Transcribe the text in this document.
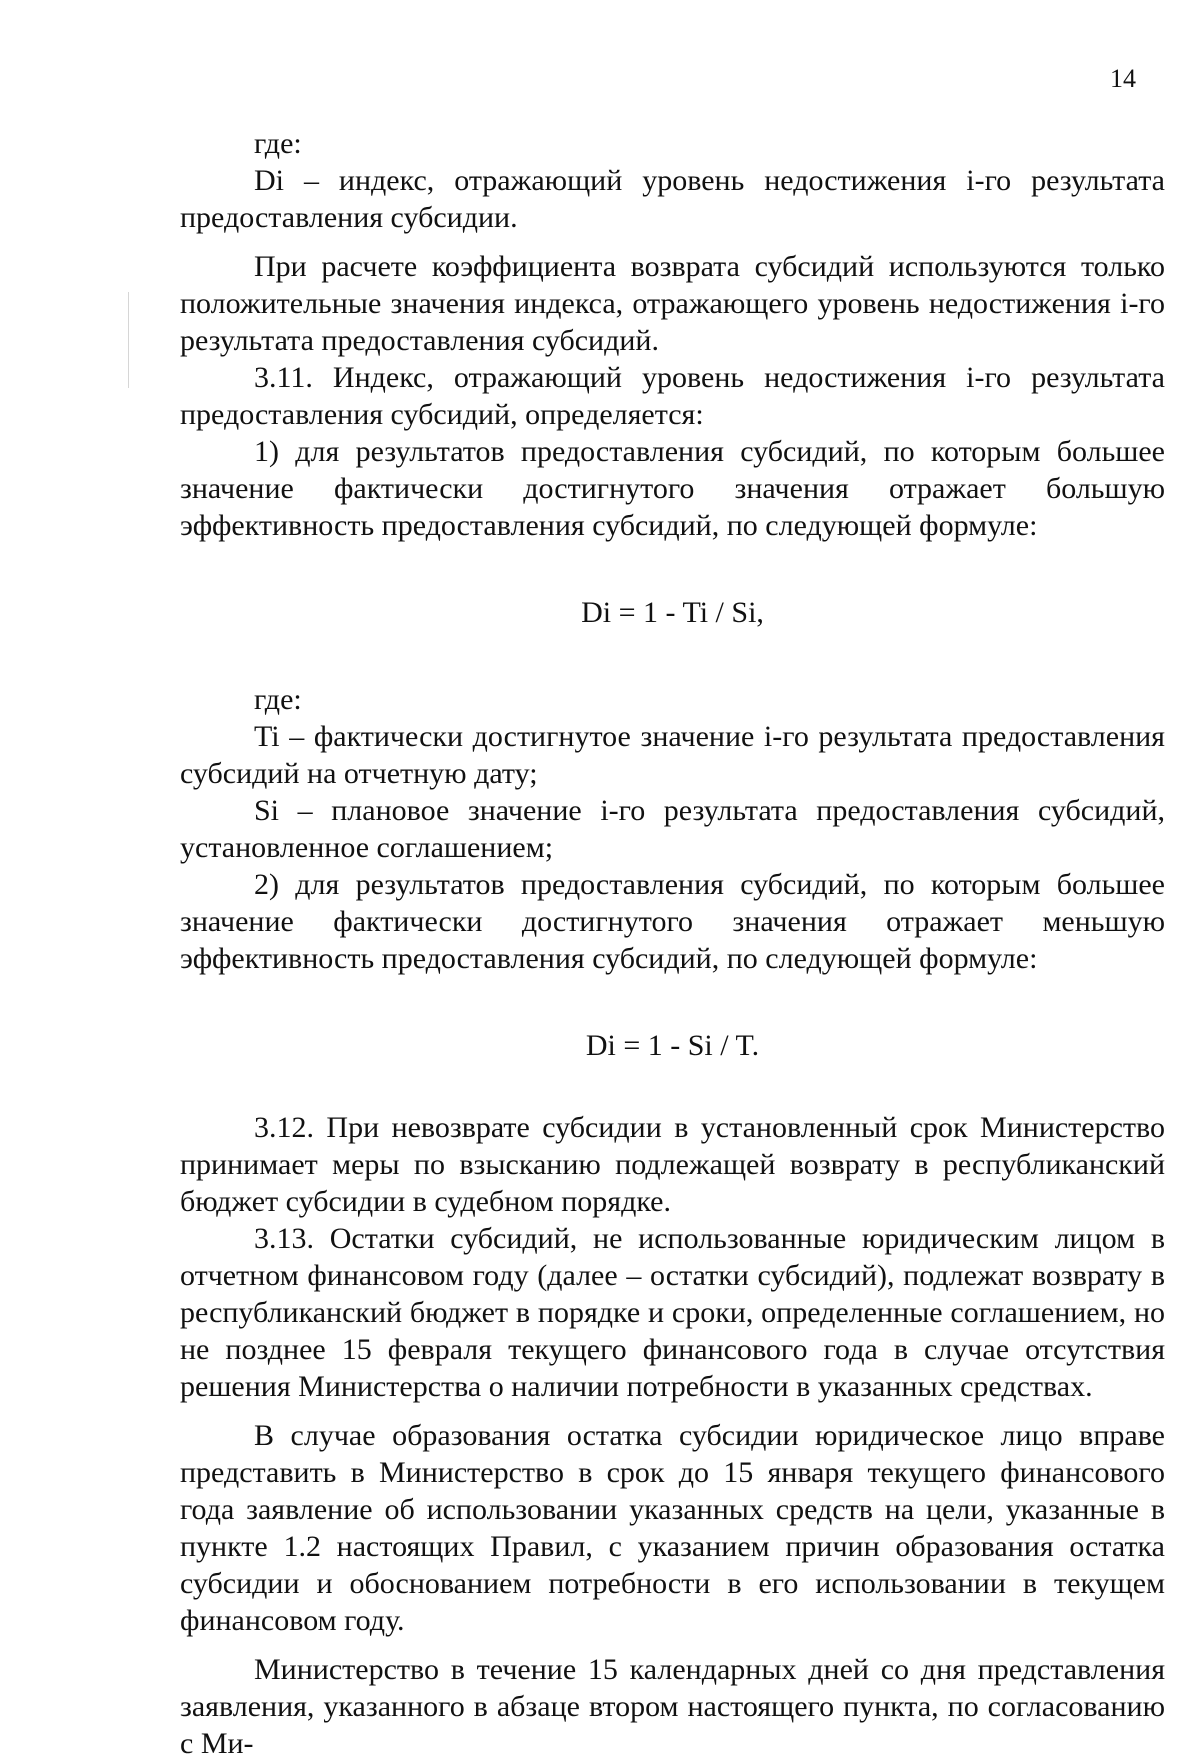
14

где:

Di – индекс, отражающий уровень недостижения i-го результата предоставления субсидии.

При расчете коэффициента возврата субсидий используются только положительные значения индекса, отражающего уровень недостижения i-го результата предоставления субсидий.

3.11. Индекс, отражающий уровень недостижения i-го результата предоставления субсидий, определяется:

1) для результатов предоставления субсидий, по которым большее значение фактически достигнутого значения отражает большую эффективность предоставления субсидий, по следующей формуле:

Di = 1 - Ti / Si,

где:

Ti – фактически достигнутое значение i-го результата предоставления субсидий на отчетную дату;

Si – плановое значение i-го результата предоставления субсидий, установленное соглашением;

2) для результатов предоставления субсидий, по которым большее значение фактически достигнутого значения отражает меньшую эффективность предоставления субсидий, по следующей формуле:

Di = 1 - Si / T.

3.12. При невозврате субсидии в установленный срок Министерство принимает меры по взысканию подлежащей возврату в республиканский бюджет субсидии в судебном порядке.

3.13. Остатки субсидий, не использованные юридическим лицом в отчетном финансовом году (далее – остатки субсидий), подлежат возврату в республиканский бюджет в порядке и сроки, определенные соглашением, но не позднее 15 февраля текущего финансового года в случае отсутствия решения Министерства о наличии потребности в указанных средствах.

В случае образования остатка субсидии юридическое лицо вправе представить в Министерство в срок до 15 января текущего финансового года заявление об использовании указанных средств на цели, указанные в пункте 1.2 настоящих Правил, с указанием причин образования остатка субсидии и обоснованием потребности в его использовании в текущем финансовом году.

Министерство в течение 15 календарных дней со дня представления заявления, указанного в абзаце втором настоящего пункта, по согласованию с Ми-
